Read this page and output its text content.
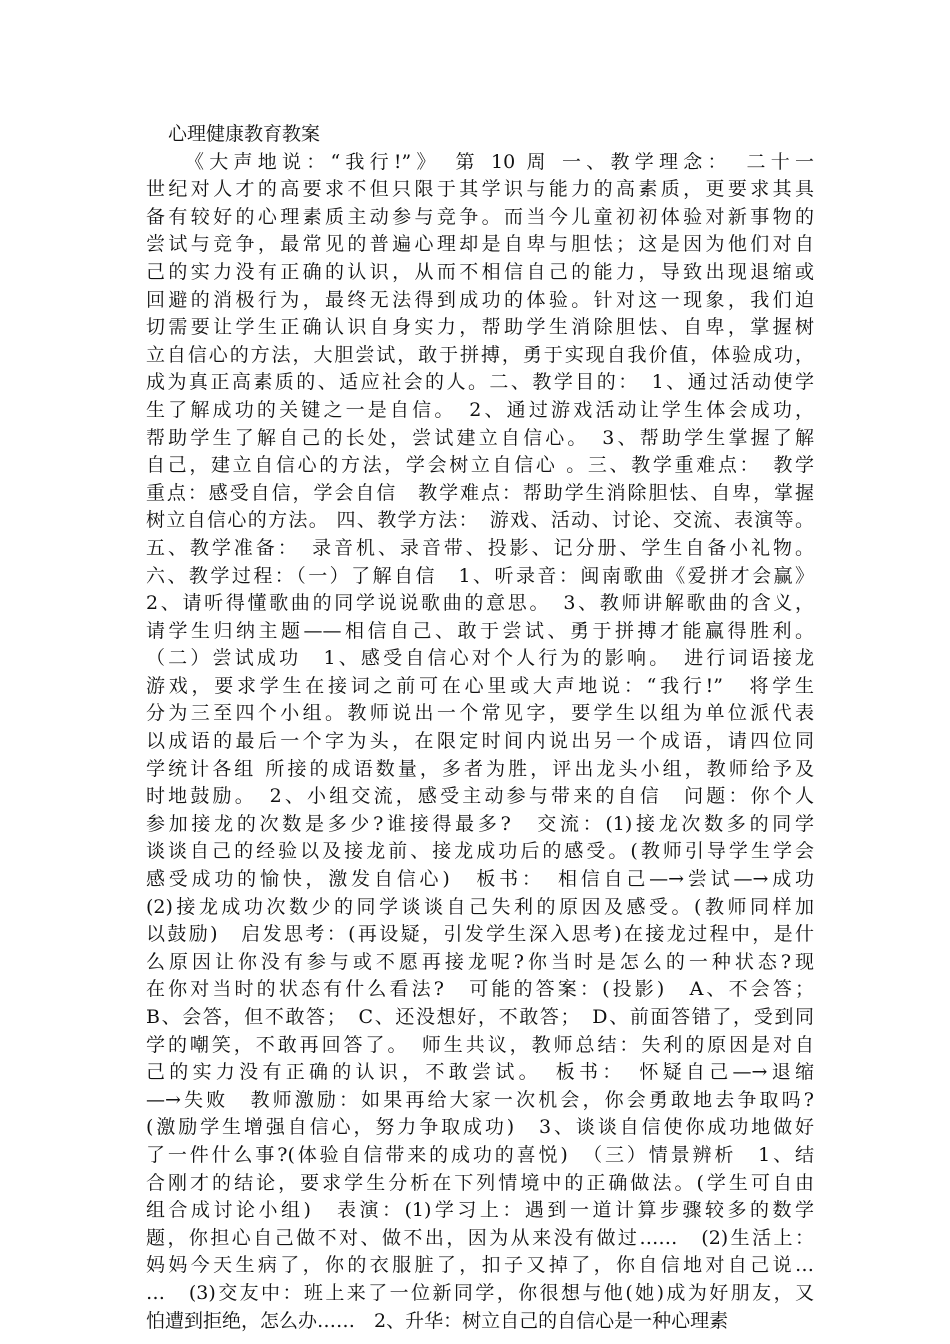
心理健康教育教案
　　《大声地说：“我行!”》　第 10 周 一、教学理念：　二十一
世纪对人才的高要求不但只限于其学识与能力的高素质，更要求其具
备有较好的心理素质主动参与竞争。而当今儿童初初体验对新事物的
尝试与竞争，最常见的普遍心理却是自卑与胆怯；这是因为他们对自
己的实力没有正确的认识，从而不相信自己的能力，导致出现退缩或
回避的消极行为，最终无法得到成功的体验。针对这一现象，我们迫
切需要让学生正确认识自身实力，帮助学生消除胆怯、自卑，掌握树
立自信心的方法，大胆尝试，敢于拼搏，勇于实现自我价值，体验成功，
成为真正高素质的、适应社会的人。二、教学目的：　1、通过活动使学
生了解成功的关键之一是自信。　2、通过游戏活动让学生体会成功，
帮助学生了解自己的长处，尝试建立自信心。　3、帮助学生掌握了解
自己，建立自信心的方法，学会树立自信心 。三、教学重难点：　教学
重点：感受自信，学会自信　教学难点：帮助学生消除胆怯、自卑，掌握
树立自信心的方法。 四、教学方法：　游戏、活动、讨论、交流、表演等。
五、教学准备：　录音机、录音带、投影、记分册、学生自备小礼物。
六、教学过程：（一）了解自信　1、听录音：闽南歌曲《爱拼才会赢》
2、请听得懂歌曲的同学说说歌曲的意思。　3、教师讲解歌曲的含义，
请学生归纳主题——相信自己、敢于尝试、勇于拼搏才能赢得胜利。
（二）尝试成功　1、感受自信心对个人行为的影响。　进行词语接龙
游戏，要求学生在接词之前可在心里或大声地说：“我行!”　将学生
分为三至四个小组。教师说出一个常见字，要学生以组为单位派代表
以成语的最后一个字为头，在限定时间内说出另一个成语，请四位同
学统计各组 所接的成语数量，多者为胜，评出龙头小组，教师给予及
时地鼓励。　2、小组交流，感受主动参与带来的自信　问题：你个人
参加接龙的次数是多少?谁接得最多?　交流：(1)接龙次数多的同学
谈谈自己的经验以及接龙前、接龙成功后的感受。(教师引导学生学会
感受成功的愉快，激发自信心)　板书：　相信自己—→尝试—→成功
(2)接龙成功次数少的同学谈谈自己失利的原因及感受。(教师同样加
以鼓励)　启发思考：(再设疑，引发学生深入思考)在接龙过程中，是什
么原因让你没有参与或不愿再接龙呢?你当时是怎么的一种状态?现
在你对当时的状态有什么看法?　可能的答案：(投影)　A、不会答；
B、会答，但不敢答；　C、还没想好，不敢答；　D、前面答错了，受到同
学的嘲笑，不敢再回答了。　师生共议，教师总结：失利的原因是对自
己的实力没有正确的认识，不敢尝试。　板书：　怀疑自己—→退缩
—→失败　教师激励：如果再给大家一次机会，你会勇敢地去争取吗?
(激励学生增强自信心，努力争取成功)　3、谈谈自信使你成功地做好
了一件什么事?(体验自信带来的成功的喜悦)　（三）情景辨析　1、结
合刚才的结论，要求学生分析在下列情境中的正确做法。(学生可自由
组合成讨论小组)　表演：(1)学习上：遇到一道计算步骤较多的数学
题，你担心自己做不对、做不出，因为从来没有做过……　(2)生活上：
妈妈今天生病了，你的衣服脏了，扣子又掉了，你自信地对自己说…
…　(3)交友中：班上来了一位新同学，你很想与他(她)成为好朋友，又
怕遭到拒绝，怎么办……　2、升华：树立自己的自信心是一种心理素
